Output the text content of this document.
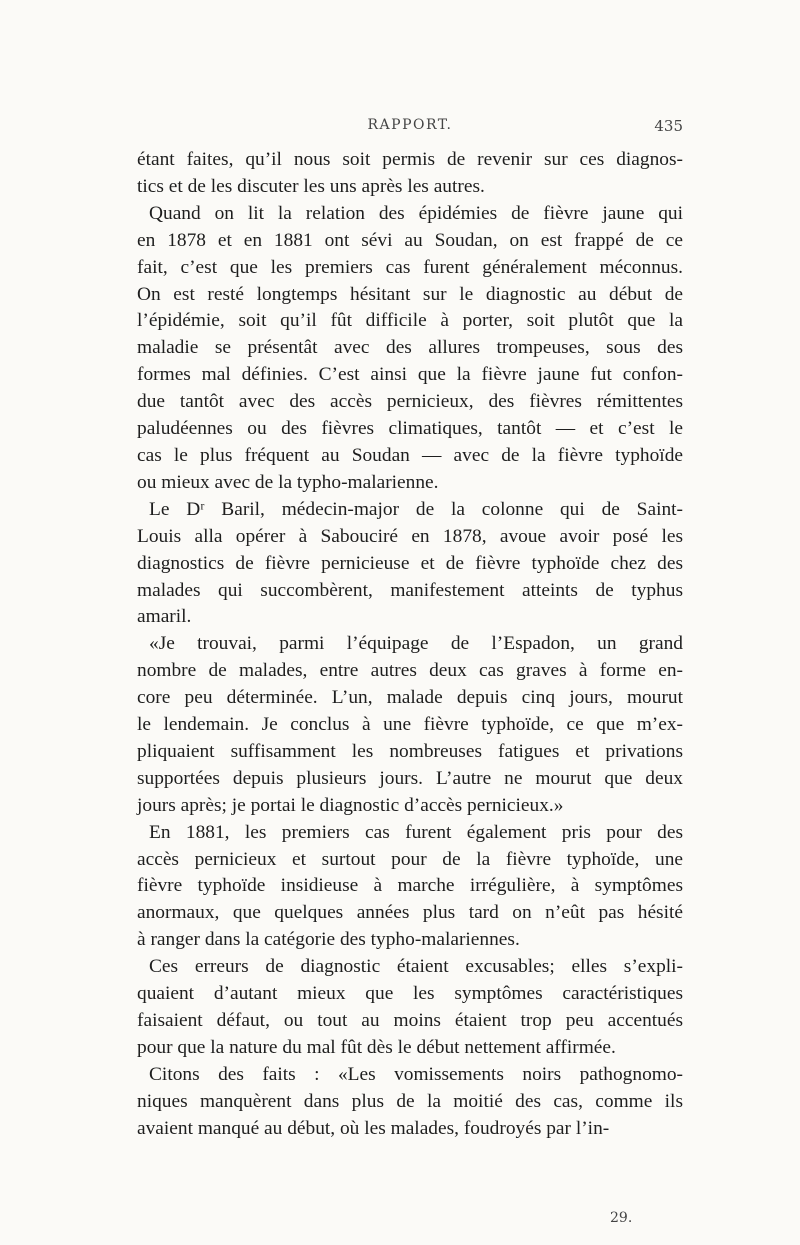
RAPPORT.	435

étant faites, qu’il nous soit permis de revenir sur ces diagnos-
tics et de les discuter les uns après les autres.

Quand on lit la relation des épidémies de fièvre jaune qui
en 1878 et en 1881 ont sévi au Soudan, on est frappé de ce
fait, c’est que les premiers cas furent généralement méconnus.
On est resté longtemps hésitant sur le diagnostic au début de
l’épidémie, soit qu’il fût difficile à porter, soit plutôt que la
maladie se présentât avec des allures trompeuses, sous des
formes mal définies. C’est ainsi que la fièvre jaune fut confon-
due tantôt avec des accès pernicieux, des fièvres rémittentes
paludéennes ou des fièvres climatiques, tantôt — et c’est le
cas le plus fréquent au Soudan — avec de la fièvre typhoïde
ou mieux avec de la typho-malarienne.

Le Dʳ Baril, médecin-major de la colonne qui de Saint-
Louis alla opérer à Sabouciré en 1878, avoue avoir posé les
diagnostics de fièvre pernicieuse et de fièvre typhoïde chez des
malades qui succombèrent, manifestement atteints de typhus
amaril.

«Je trouvai, parmi l’équipage de l’Espadon, un grand
nombre de malades, entre autres deux cas graves à forme en-
core peu déterminée. L’un, malade depuis cinq jours, mourut
le lendemain. Je conclus à une fièvre typhoïde, ce que m’ex-
pliquaient suffisamment les nombreuses fatigues et privations
supportées depuis plusieurs jours. L’autre ne mourut que deux
jours après; je portai le diagnostic d’accès pernicieux.»

En 1881, les premiers cas furent également pris pour des
accès pernicieux et surtout pour de la fièvre typhoïde, une
fièvre typhoïde insidieuse à marche irrégulière, à symptômes
anormaux, que quelques années plus tard on n’eût pas hésité
à ranger dans la catégorie des typho-malariennes.

Ces erreurs de diagnostic étaient excusables; elles s’expli-
quaient d’autant mieux que les symptômes caractéristiques
faisaient défaut, ou tout au moins étaient trop peu accentués
pour que la nature du mal fût dès le début nettement affirmée.

Citons des faits : «Les vomissements noirs pathognomo-
niques manquèrent dans plus de la moitié des cas, comme ils
avaient manqué au début, où les malades, foudroyés par l’in-

29.
